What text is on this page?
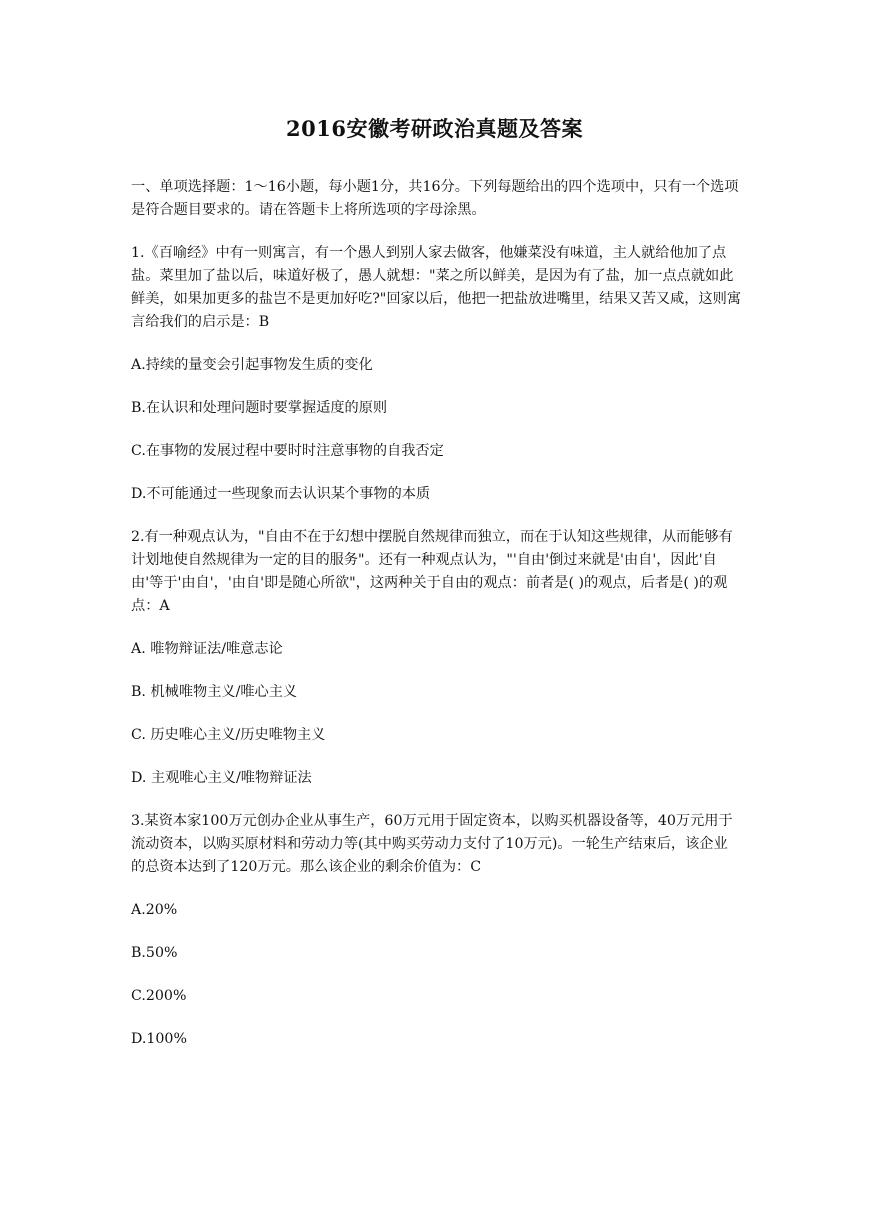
2016安徽考研政治真题及答案

一、单项选择题：1～16小题，每小题1分，共16分。下列每题给出的四个选项中，只有一个选项是符合题目要求的。请在答题卡上将所选项的字母涂黑。

1.《百喻经》中有一则寓言，有一个愚人到别人家去做客，他嫌菜没有味道，主人就给他加了点盐。菜里加了盐以后，味道好极了，愚人就想："菜之所以鲜美，是因为有了盐，加一点点就如此鲜美，如果加更多的盐岂不是更加好吃?"回家以后，他把一把盐放进嘴里，结果又苦又咸，这则寓言给我们的启示是：B

A.持续的量变会引起事物发生质的变化

B.在认识和处理问题时要掌握适度的原则

C.在事物的发展过程中要时时注意事物的自我否定

D.不可能通过一些现象而去认识某个事物的本质

2.有一种观点认为，"自由不在于幻想中摆脱自然规律而独立，而在于认知这些规律，从而能够有计划地使自然规律为一定的目的服务"。还有一种观点认为，"'自由'倒过来就是'由自'，因此'自由'等于'由自'，'由自'即是随心所欲"，这两种关于自由的观点：前者是( )的观点，后者是( )的观点：A

A. 唯物辩证法/唯意志论

B. 机械唯物主义/唯心主义

C. 历史唯心主义/历史唯物主义

D. 主观唯心主义/唯物辩证法

3.某资本家100万元创办企业从事生产，60万元用于固定资本，以购买机器设备等，40万元用于流动资本，以购买原材料和劳动力等(其中购买劳动力支付了10万元)。一轮生产结束后，该企业的总资本达到了120万元。那么该企业的剩余价值为：C

A.20%

B.50%

C.200%

D.100%
